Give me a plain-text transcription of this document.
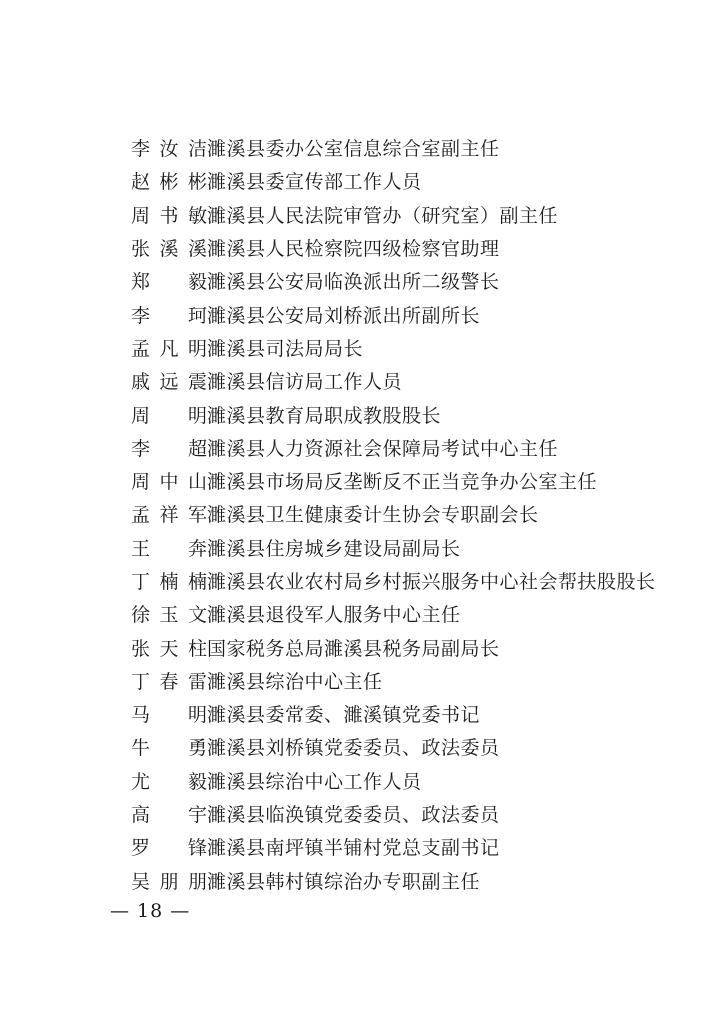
李汝洁 濉溪县委办公室信息综合室副主任
赵彬彬 濉溪县委宣传部工作人员
周书敏 濉溪县人民法院审管办（研究室）副主任
张溪溪 濉溪县人民检察院四级检察官助理
郑　毅 濉溪县公安局临涣派出所二级警长
李　珂 濉溪县公安局刘桥派出所副所长
孟凡明 濉溪县司法局局长
戚远震 濉溪县信访局工作人员
周　明 濉溪县教育局职成教股股长
李　超 濉溪县人力资源社会保障局考试中心主任
周中山 濉溪县市场局反垄断反不正当竞争办公室主任
孟祥军 濉溪县卫生健康委计生协会专职副会长
王　奔 濉溪县住房城乡建设局副局长
丁楠楠 濉溪县农业农村局乡村振兴服务中心社会帮扶股股长
徐玉文 濉溪县退役军人服务中心主任
张天柱 国家税务总局濉溪县税务局副局长
丁春雷 濉溪县综治中心主任
马　明 濉溪县委常委、濉溪镇党委书记
牛　勇 濉溪县刘桥镇党委委员、政法委员
尤　毅 濉溪县综治中心工作人员
高　宇 濉溪县临涣镇党委委员、政法委员
罗　锋 濉溪县南坪镇半铺村党总支副书记
吴朋朋 濉溪县韩村镇综治办专职副主任
— 18 —
